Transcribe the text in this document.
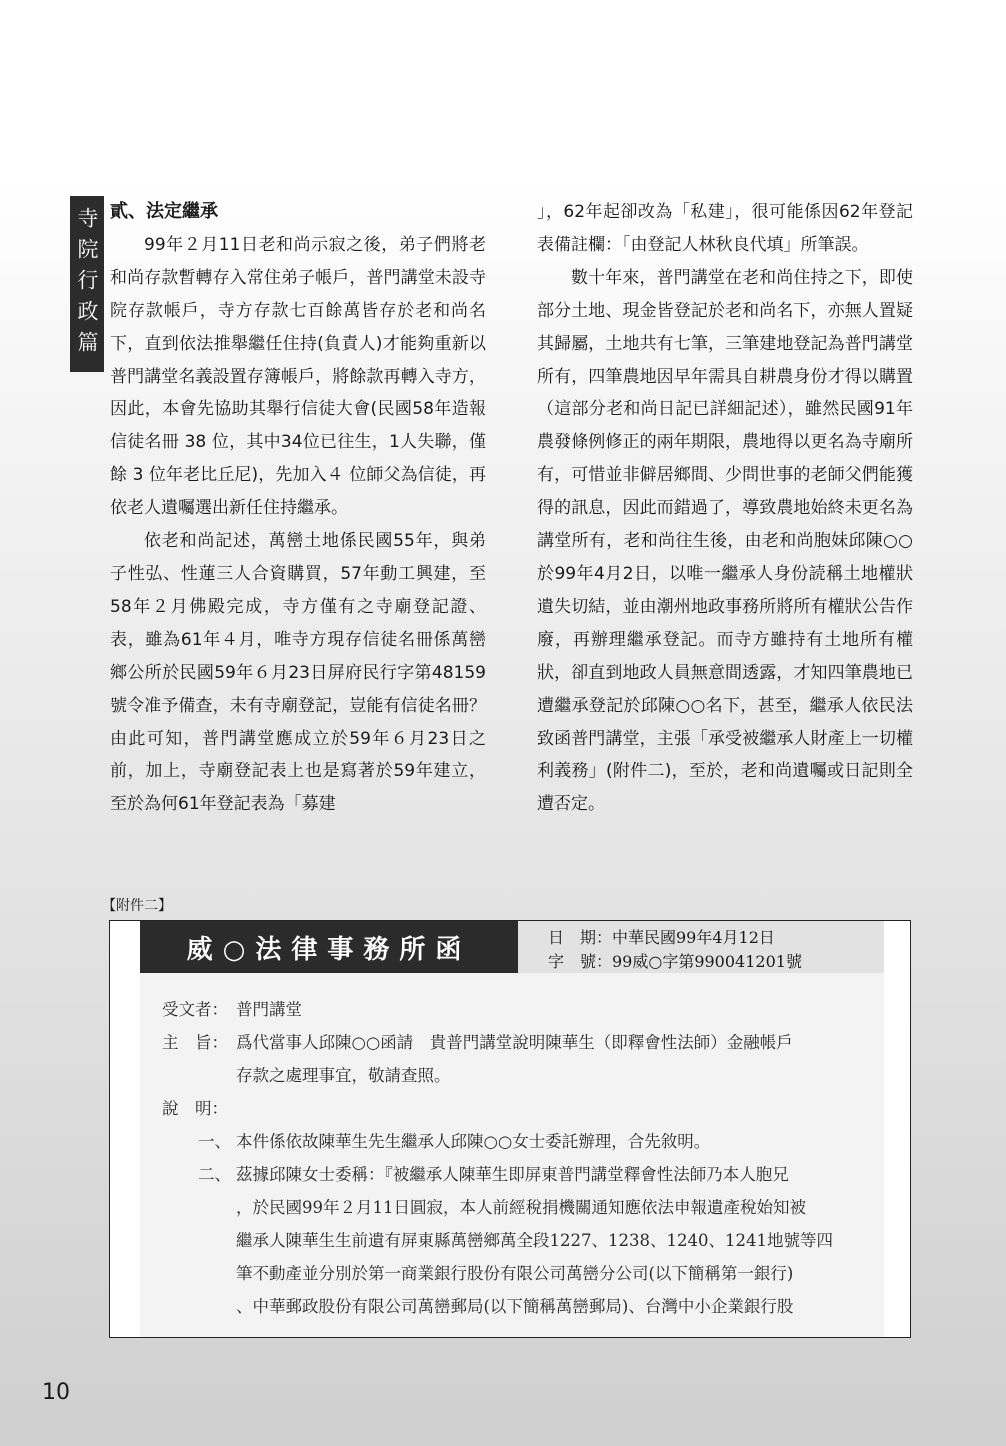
寺院行政篇 貳、法定繼承

99年２月11日老和尚示寂之後，弟子們將老和尚存款暫轉存入常住弟子帳戶，普門講堂未設寺院存款帳戶，寺方存款七百餘萬皆存於老和尚名下，直到依法推舉繼任住持(負責人)才能夠重新以普門講堂名義設置存簿帳戶，將餘款再轉入寺方，因此，本會先協助其舉行信徒大會(民國58年造報信徒名冊 38 位，其中34位已往生，1人失聯，僅餘 3 位年老比丘尼)，先加入４ 位師父為信徒，再依老人遺囑選出新任住持繼承。

依老和尚記述，萬巒土地係民國55年，與弟子性弘、性蓮三人合資購買，57年動工興建，至58年２月佛殿完成，寺方僅有之寺廟登記證、表，雖為61年４月，唯寺方現存信徒名冊係萬巒鄉公所於民國59年６月23日屏府民行字第48159 號令准予備查，未有寺廟登記，豈能有信徒名冊？由此可知，普門講堂應成立於59年６月23日之前，加上，寺廟登記表上也是寫著於59年建立，至於為何61年登記表為「募建

」，62年起卻改為「私建」，很可能係因62年登記表備註欄：「由登記人林秋良代填」所筆誤。

數十年來，普門講堂在老和尚住持之下，即使部分土地、現金皆登記於老和尚名下，亦無人置疑其歸屬，土地共有七筆，三筆建地登記為普門講堂所有，四筆農地因早年需具自耕農身份才得以購置（這部分老和尚日記已詳細記述），雖然民國91年農發條例修正的兩年期限，農地得以更名為寺廟所有，可惜並非僻居鄉間、少問世事的老師父們能獲得的訊息，因此而錯過了，導致農地始終未更名為講堂所有，老和尚往生後，由老和尚胞妹邱陳○○於99年4月2日，以唯一繼承人身份読稱土地權狀遺失切結，並由潮州地政事務所將所有權狀公告作廢，再辦理繼承登記。而寺方雖持有土地所有權狀，卻直到地政人員無意間透露，才知四筆農地已遭繼承登記於邱陳○○名下，甚至，繼承人依民法致函普門講堂，主張「承受被繼承人財產上一切權利義務」(附件二)，至於，老和尚遺囑或日記則全遭否定。

【附件二】
威○法律事務所函	日　期：中華民國99年4月12日
字　號：99威○字第990041201號
受文者： 普門講堂
主　旨： 爲代當事人邱陳○○函請　貴普門講堂說明陳華生（即釋會性法師）金融帳戶
存款之處理事宜，敬請查照。
說　明：
一、 本件係依故陳華生先生繼承人邱陳○○女士委託辦理，合先敘明。
二、 茲據邱陳女士委稱：『被繼承人陳華生即屏東普門講堂釋會性法師乃本人胞兄
，於民國99年２月11日圓寂，本人前經稅捐機關通知應依法申報遺產稅始知被
繼承人陳華生生前遺有屏東縣萬巒鄉萬全段1227、1238、1240、1241地號等四
筆不動產並分別於第一商業銀行股份有限公司萬巒分公司(以下簡稱第一銀行)
、中華郵政股份有限公司萬巒郵局(以下簡稱萬巒郵局)、台灣中小企業銀行股
10
